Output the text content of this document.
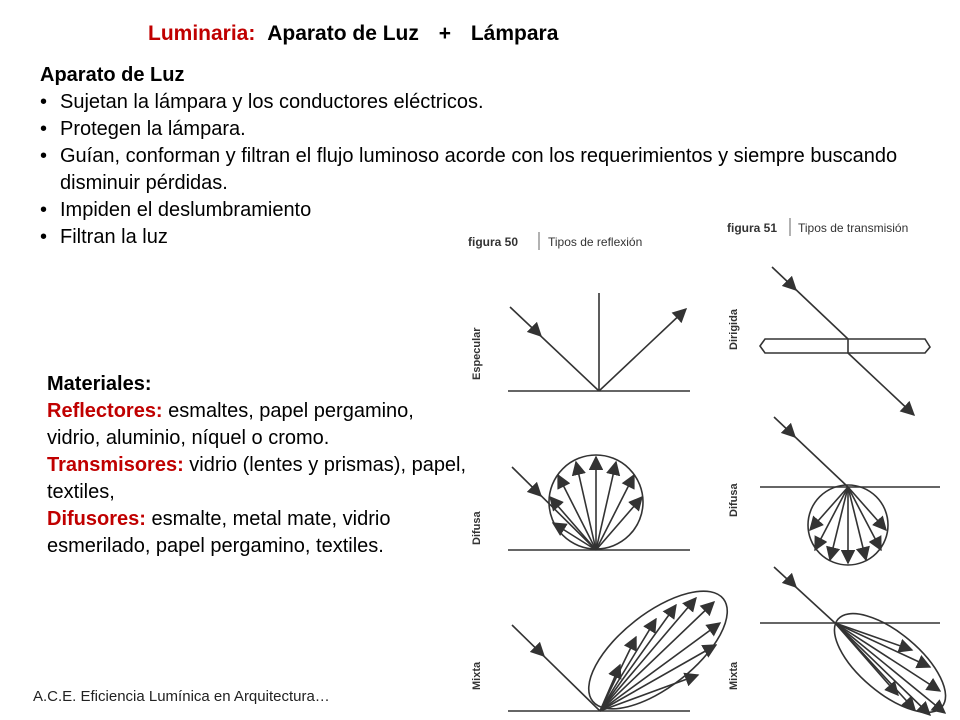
Luminaria: Aparato de Luz + Lámpara
Aparato de Luz
• Sujetan la lámpara y los conductores eléctricos.
• Protegen la lámpara.
• Guían, conforman y filtran el flujo luminoso acorde con los requerimientos y siempre buscando disminuir pérdidas.
• Impiden el deslumbramiento
• Filtran la luz
Materiales:
Reflectores: esmaltes, papel pergamino, vidrio, aluminio, níquel o cromo.
Transmisores: vidrio (lentes y prismas), papel, textiles,
Difusores: esmalte, metal mate, vidrio esmerilado, papel pergamino, textiles.
figura 50 Tipos de reflexión
figura 51 Tipos de transmisión
Especular
Difusa
Mixta
Dirigida
Difusa
Mixta
A.C.E. Eficiencia Lumínica en Arquitectura…
